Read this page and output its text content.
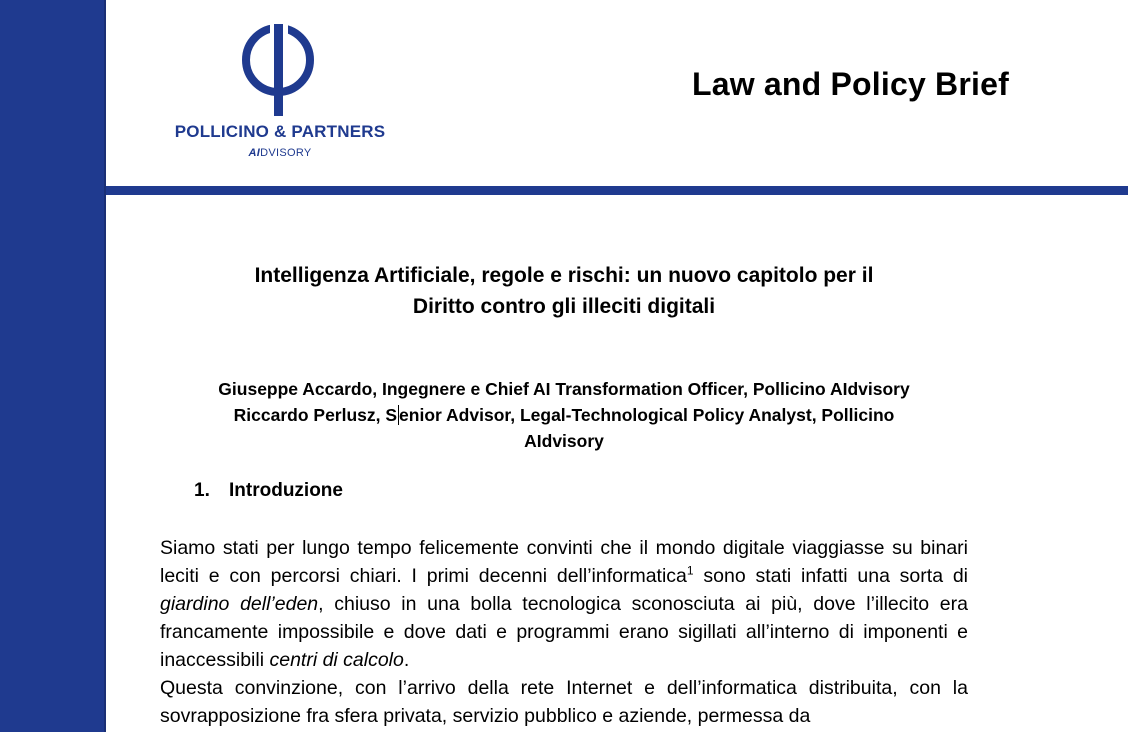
POLLICINO & PARTNERS
AIDVISORY
Law and Policy Brief
Intelligenza Artificiale, regole e rischi: un nuovo capitolo per il
Diritto contro gli illeciti digitali
Giuseppe Accardo, Ingegnere e Chief AI Transformation Officer, Pollicino AIdvisory
Riccardo Perlusz, S enior Advisor, Legal-Technological Policy Analyst, Pollicino
AIdvisory
1. Introduzione

Siamo stati per lungo tempo felicemente convinti che il mondo digitale viaggiasse su binari leciti e con percorsi chiari. I primi decenni dell’informatica$^1$ sono stati infatti una sorta di giardino dell’eden, chiuso in una bolla tecnologica sconosciuta ai più, dove l’illecito era francamente impossibile e dove dati e programmi erano sigillati all’interno di imponenti e inaccessibili centri di calcolo.

Questa convinzione, con l’arrivo della rete Internet e dell’informatica distribuita, con la sovrapposizione fra sfera privata, servizio pubblico e aziende, permessa da
